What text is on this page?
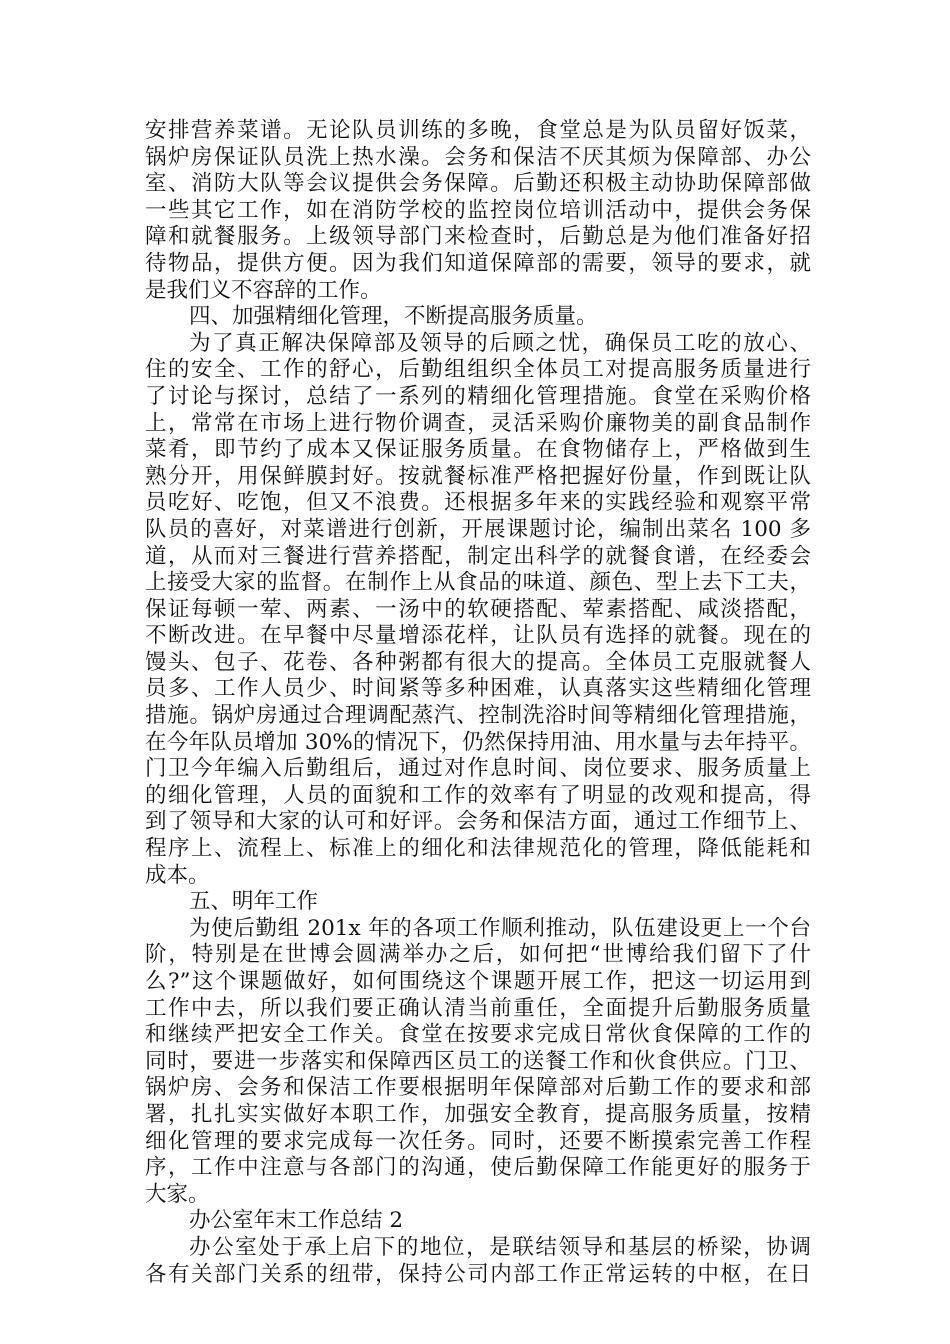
安排营养菜谱。无论队员训练的多晚，食堂总是为队员留好饭菜，
锅炉房保证队员洗上热水澡。会务和保洁不厌其烦为保障部、办公
室、消防大队等会议提供会务保障。后勤还积极主动协助保障部做
一些其它工作，如在消防学校的监控岗位培训活动中，提供会务保
障和就餐服务。上级领导部门来检查时，后勤总是为他们准备好招
待物品，提供方便。因为我们知道保障部的需要，领导的要求，就
是我们义不容辞的工作。
四、加强精细化管理，不断提高服务质量。
为了真正解决保障部及领导的后顾之忧，确保员工吃的放心、
住的安全、工作的舒心，后勤组组织全体员工对提高服务质量进行
了讨论与探讨，总结了一系列的精细化管理措施。食堂在采购价格
上，常常在市场上进行物价调查，灵活采购价廉物美的副食品制作
菜肴，即节约了成本又保证服务质量。在食物储存上，严格做到生
熟分开，用保鲜膜封好。按就餐标准严格把握好份量，作到既让队
员吃好、吃饱，但又不浪费。还根据多年来的实践经验和观察平常
队员的喜好，对菜谱进行创新，开展课题讨论，编制出菜名 100 多
道，从而对三餐进行营养搭配，制定出科学的就餐食谱，在经委会
上接受大家的监督。在制作上从食品的味道、颜色、型上去下工夫，
保证每顿一荤、两素、一汤中的软硬搭配、荤素搭配、咸淡搭配，
不断改进。在早餐中尽量增添花样，让队员有选择的就餐。现在的
馒头、包子、花卷、各种粥都有很大的提高。全体员工克服就餐人
员多、工作人员少、时间紧等多种困难，认真落实这些精细化管理
措施。锅炉房通过合理调配蒸汽、控制洗浴时间等精细化管理措施，
在今年队员增加 30%的情况下，仍然保持用油、用水量与去年持平。
门卫今年编入后勤组后，通过对作息时间、岗位要求、服务质量上
的细化管理，人员的面貌和工作的效率有了明显的改观和提高，得
到了领导和大家的认可和好评。会务和保洁方面，通过工作细节上、
程序上、流程上、标准上的细化和法律规范化的管理，降低能耗和
成本。
五、明年工作
为使后勤组 201x 年的各项工作顺利推动，队伍建设更上一个台
阶，特别是在世博会圆满举办之后，如何把“世博给我们留下了什
么?”这个课题做好，如何围绕这个课题开展工作，把这一切运用到
工作中去，所以我们要正确认清当前重任，全面提升后勤服务质量
和继续严把安全工作关。食堂在按要求完成日常伙食保障的工作的
同时，要进一步落实和保障西区员工的送餐工作和伙食供应。门卫、
锅炉房、会务和保洁工作要根据明年保障部对后勤工作的要求和部
署，扎扎实实做好本职工作，加强安全教育，提高服务质量，按精
细化管理的要求完成每一次任务。同时，还要不断摸索完善工作程
序，工作中注意与各部门的沟通，使后勤保障工作能更好的服务于
大家。
办公室年末工作总结 2
办公室处于承上启下的地位，是联结领导和基层的桥梁，协调
各有关部门关系的纽带，保持公司内部工作正常运转的中枢，在日
